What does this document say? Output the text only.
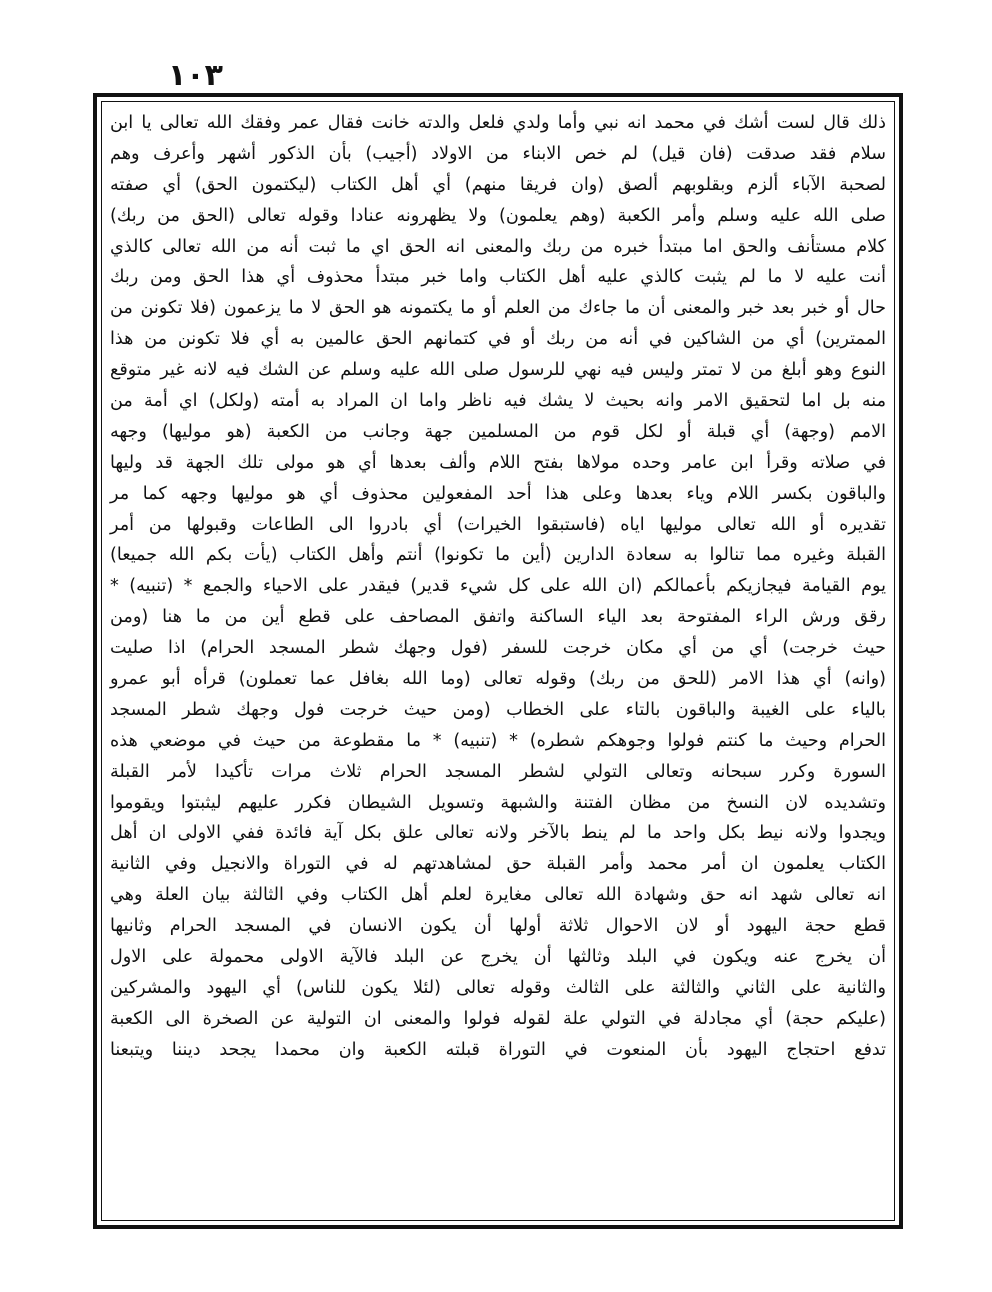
١٠٣
ذلك قال لست أشك في محمد انه نبي وأما ولدي فلعل والدته خانت فقال عمر وفقك الله تعالى يا ابن
سلام فقد صدقت (فان قيل) لم خص الابناء من الاولاد (أجيب) بأن الذكور أشهر وأعرف وهم
لصحبة الآباء ألزم وبقلوبهم ألصق (وان فريقا منهم) أي أهل الكتاب (ليكتمون الحق) أي صفته
صلى الله عليه وسلم وأمر الكعبة (وهم يعلمون) ولا يظهرونه عنادا وقوله تعالى (الحق من ربك)
كلام مستأنف والحق اما مبتدأ خبره من ربك والمعنى انه الحق اي ما ثبت أنه من الله تعالى كالذي
أنت عليه لا ما لم يثبت كالذي عليه أهل الكتاب واما خبر مبتدأ محذوف أي هذا الحق ومن ربك
حال أو خبر بعد خبر والمعنى أن ما جاءك من العلم أو ما يكتمونه هو الحق لا ما يزعمون (فلا تكونن من
الممترين) أي من الشاكين في أنه من ربك أو في كتمانهم الحق عالمين به أي فلا تكونن من هذا
النوع وهو أبلغ من لا تمتر وليس فيه نهي للرسول صلى الله عليه وسلم عن الشك فيه لانه غير متوقع
منه بل اما لتحقيق الامر وانه بحيث لا يشك فيه ناظر واما ان المراد به أمته (ولكل) اي أمة من
الامم (وجهة) أي قبلة أو لكل قوم من المسلمين جهة وجانب من الكعبة (هو موليها) وجهه
في صلاته وقرأ ابن عامر وحده مولاها بفتح اللام وألف بعدها أي هو مولى تلك الجهة قد وليها
والباقون بكسر اللام وياء بعدها وعلى هذا أحد المفعولين محذوف أي هو موليها وجهه كما مر
تقديره أو الله تعالى موليها اياه (فاستبقوا الخيرات) أي بادروا الى الطاعات وقبولها من أمر
القبلة وغيره مما تنالوا به سعادة الدارين (أين ما تكونوا) أنتم وأهل الكتاب (يأت بكم الله جميعا)
يوم القيامة فيجازيكم بأعمالكم (ان الله على كل شيء قدير) فيقدر على الاحياء والجمع * (تنبيه) *
رقق ورش الراء المفتوحة بعد الياء الساكنة واتفق المصاحف على قطع أين من ما هنا (ومن
حيث خرجت) أي من أي مكان خرجت للسفر (فول وجهك شطر المسجد الحرام) اذا صليت
(وانه) أي هذا الامر (للحق من ربك) وقوله تعالى (وما الله بغافل عما تعملون) قرأه أبو عمرو
بالياء على الغيبة والباقون بالتاء على الخطاب (ومن حيث خرجت فول وجهك شطر المسجد
الحرام وحيث ما كنتم فولوا وجوهكم شطره) * (تنبيه) * ما مقطوعة من حيث في موضعي هذه
السورة وكرر سبحانه وتعالى التولي لشطر المسجد الحرام ثلاث مرات تأكيدا لأمر القبلة
وتشديده لان النسخ من مظان الفتنة والشبهة وتسويل الشيطان فكرر عليهم ليثبتوا ويقوموا
ويجدوا ولانه نيط بكل واحد ما لم ينط بالآخر ولانه تعالى علق بكل آية فائدة ففي الاولى ان أهل
الكتاب يعلمون ان أمر محمد وأمر القبلة حق لمشاهدتهم له في التوراة والانجيل وفي الثانية
انه تعالى شهد انه حق وشهادة الله تعالى مغايرة لعلم أهل الكتاب وفي الثالثة بيان العلة وهي
قطع حجة اليهود أو لان الاحوال ثلاثة أولها أن يكون الانسان في المسجد الحرام وثانيها
أن يخرج عنه ويكون في البلد وثالثها أن يخرج عن البلد فالآية الاولى محمولة على الاول
والثانية على الثاني والثالثة على الثالث وقوله تعالى (لئلا يكون للناس) أي اليهود والمشركين
(عليكم حجة) أي مجادلة في التولي علة لقوله فولوا والمعنى ان التولية عن الصخرة الى الكعبة
تدفع احتجاج اليهود بأن المنعوت في التوراة قبلته الكعبة وان محمدا يجحد ديننا ويتبعنا
